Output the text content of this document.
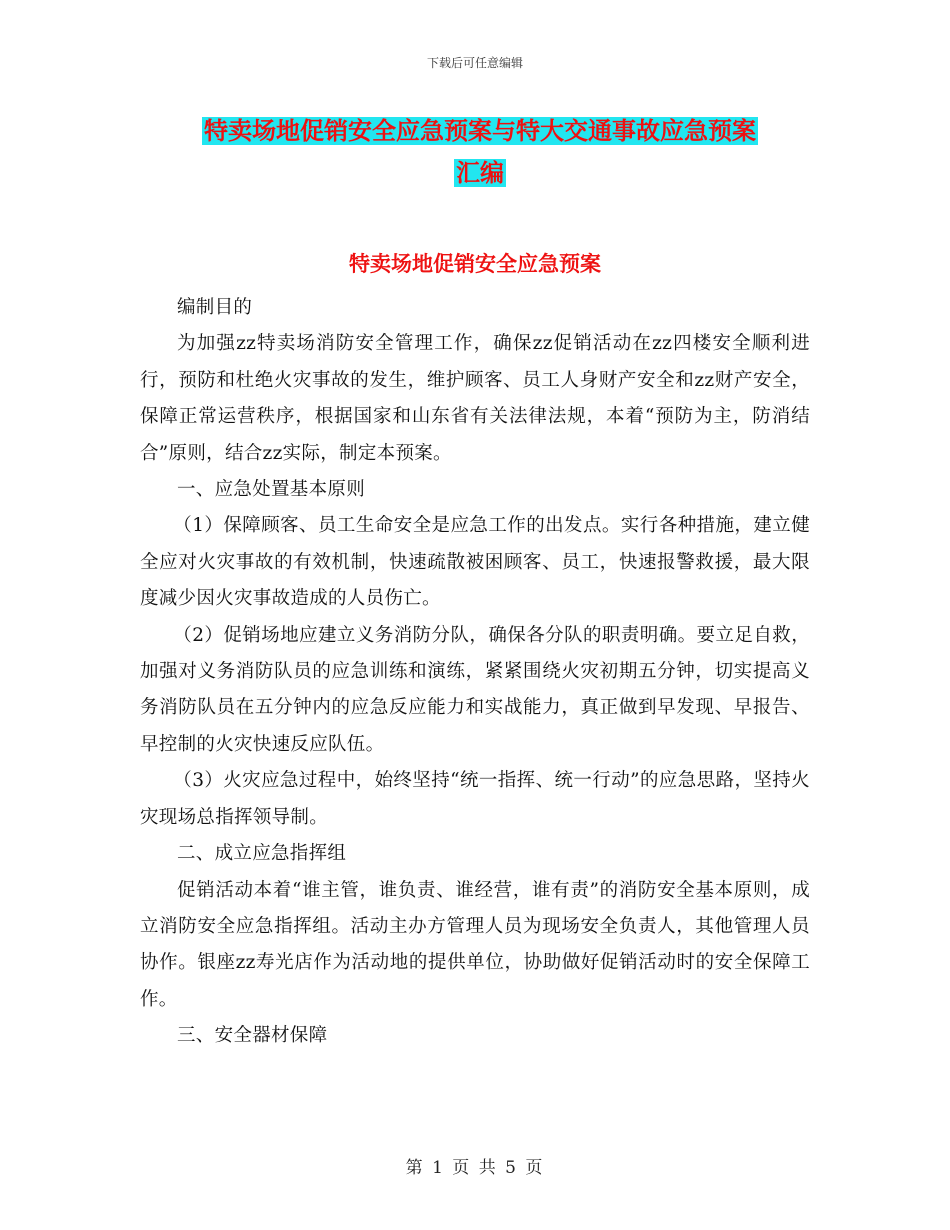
下载后可任意编辑
特卖场地促销安全应急预案与特大交通事故应急预案
汇编
特卖场地促销安全应急预案

编制目的

为加强zz特卖场消防安全管理工作，确保zz促销活动在zz四楼安全顺利进行，预防和杜绝火灾事故的发生，维护顾客、员工人身财产安全和zz财产安全，保障正常运营秩序，根据国家和山东省有关法律法规，本着“预防为主，防消结合”原则，结合zz实际，制定本预案。

一、应急处置基本原则

（1）保障顾客、员工生命安全是应急工作的出发点。实行各种措施，建立健全应对火灾事故的有效机制，快速疏散被困顾客、员工，快速报警救援，最大限度减少因火灾事故造成的人员伤亡。

（2）促销场地应建立义务消防分队，确保各分队的职责明确。要立足自救，加强对义务消防队员的应急训练和演练，紧紧围绕火灾初期五分钟，切实提高义务消防队员在五分钟内的应急反应能力和实战能力，真正做到早发现、早报告、早控制的火灾快速反应队伍。

（3）火灾应急过程中，始终坚持“统一指挥、统一行动”的应急思路，坚持火灾现场总指挥领导制。

二、成立应急指挥组

促销活动本着“谁主管，谁负责、谁经营，谁有责”的消防安全基本原则，成立消防安全应急指挥组。活动主办方管理人员为现场安全负责人，其他管理人员协作。银座zz寿光店作为活动地的提供单位，协助做好促销活动时的安全保障工作。

三、安全器材保障

第 1 页 共 5 页
